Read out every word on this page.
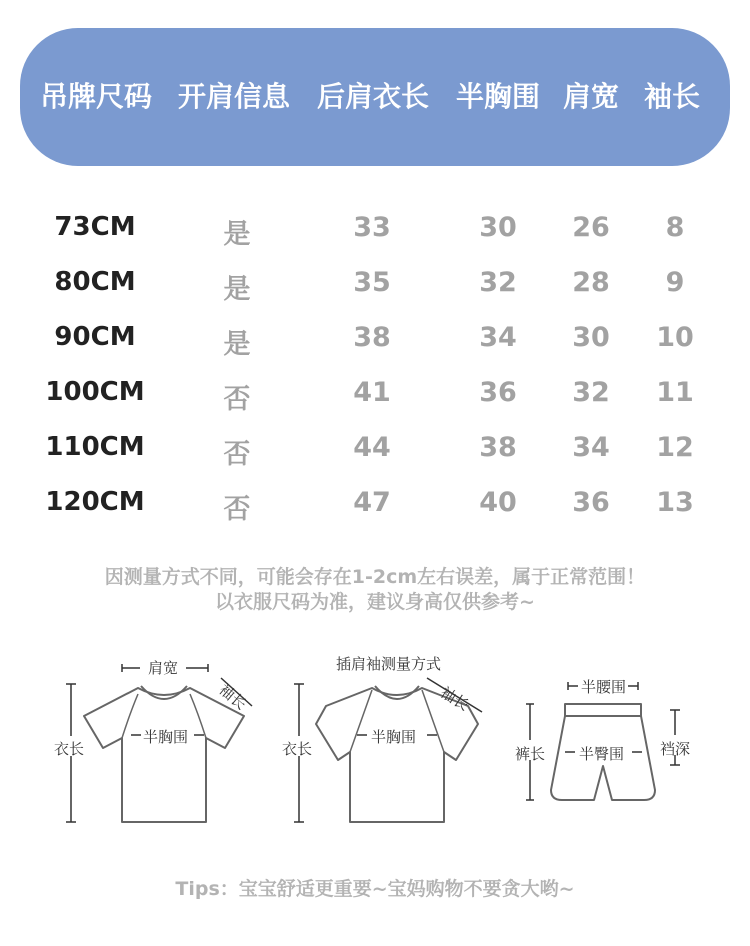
吊牌尺码 开肩信息 后肩衣长 半胸围 肩宽 袖长
73CM	是	33	30 26 8
80CM	是	35	32 28 9
90CM	是	38	34 30 10
100CM	否	41	36 32 11
110CM	否	44	38 34 12
120CM	否	47	40 36 13
因测量方式不同，可能会存在1-2cm左右误差，属于正常范围！
以衣服尺码为准，建议身高仅供参考~
肩宽
袖长
半胸围
衣长
插肩袖测量方式
袖长
半胸围
衣长
半腰围
裤长 半臀围 裆深
Tips：宝宝舒适更重要~宝妈购物不要贪大哟~
